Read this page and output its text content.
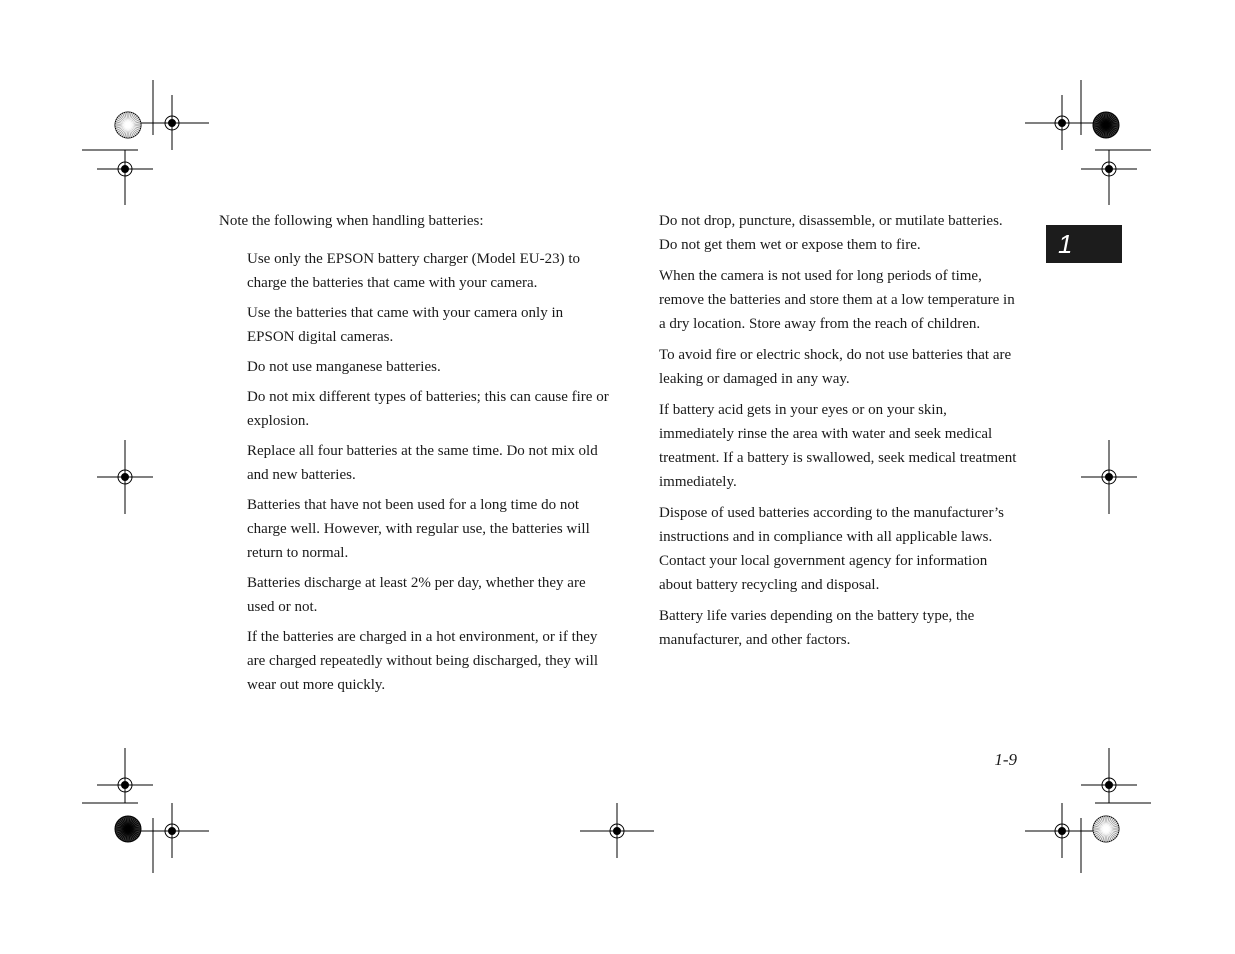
Note the following when handling batteries:

Use only the EPSON battery charger (Model EU-23) to charge the batteries that came with your camera.

Use the batteries that came with your camera only in EPSON digital cameras.

Do not use manganese batteries.

Do not mix different types of batteries; this can cause fire or explosion.

Replace all four batteries at the same time. Do not mix old and new batteries.

Batteries that have not been used for a long time do not charge well. However, with regular use, the batteries will return to normal.

Batteries discharge at least 2% per day, whether they are used or not.

If the batteries are charged in a hot environment, or if they are charged repeatedly without being discharged, they will wear out more quickly.

Do not drop, puncture, disassemble, or mutilate batteries. Do not get them wet or expose them to fire.

When the camera is not used for long periods of time, remove the batteries and store them at a low temperature in a dry location. Store away from the reach of children.

To avoid fire or electric shock, do not use batteries that are leaking or damaged in any way.

If battery acid gets in your eyes or on your skin, immediately rinse the area with water and seek medical treatment. If a battery is swallowed, seek medical treatment immediately.

Dispose of used batteries according to the manufacturer’s instructions and in compliance with all applicable laws. Contact your local government agency for information about battery recycling and disposal.

Battery life varies depending on the battery type, the manufacturer, and other factors.

1
1-9
